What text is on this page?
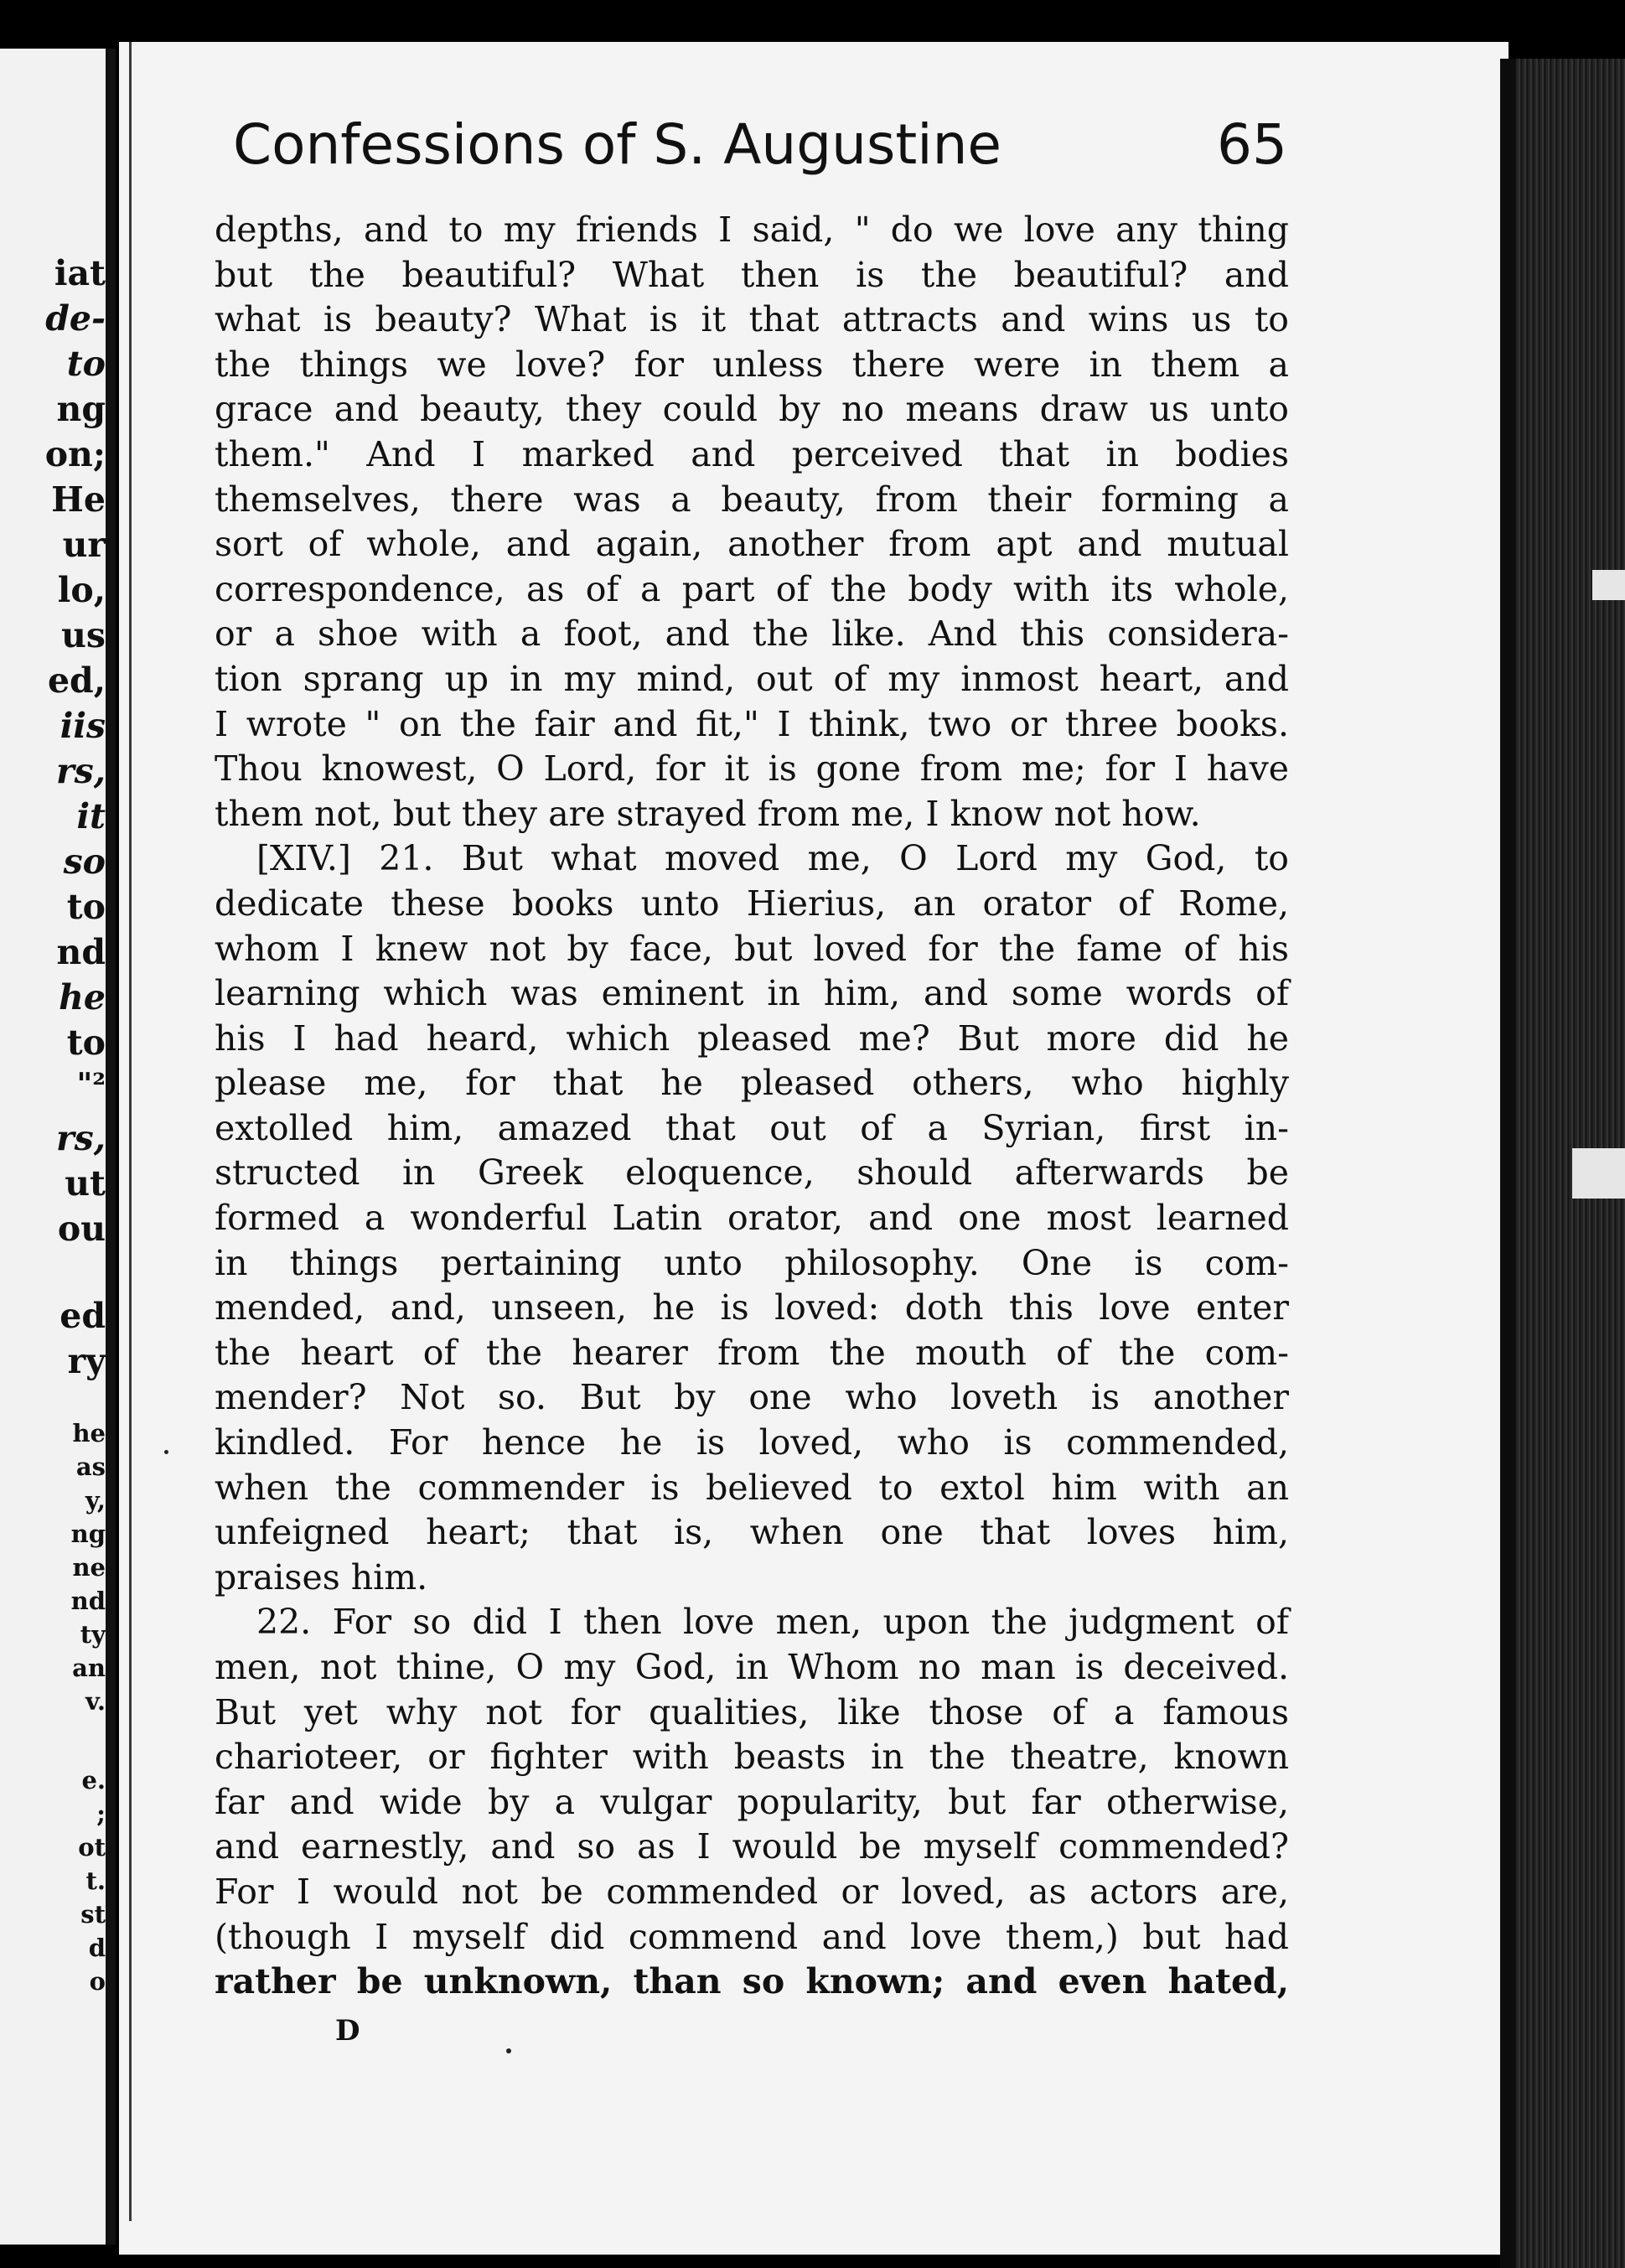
iat
de-
to
ng
on;
He
ur
lo,
us
ed,
iis
rs,
it
so
to
nd
he
to
"²
rs,
ut
ou
ed
ry
he
as
y,
ng
ne
nd
ty
an
v.
e.
;
ot
t.
st
d
o
Confessions of S. Augustine	65
depths, and to my friends I said, " do we love any thing
but the beautiful? What then is the beautiful? and
what is beauty? What is it that attracts and wins us to
the things we love? for unless there were in them a
grace and beauty, they could by no means draw us unto
them." And I marked and perceived that in bodies
themselves, there was a beauty, from their forming a
sort of whole, and again, another from apt and mutual
correspondence, as of a part of the body with its whole,
or a shoe with a foot, and the like. And this considera-
tion sprang up in my mind, out of my inmost heart, and
I wrote " on the fair and fit," I think, two or three books.
Thou knowest, O Lord, for it is gone from me; for I have
them not, but they are strayed from me, I know not how.
[XIV.] 21. But what moved me, O Lord my God, to
dedicate these books unto Hierius, an orator of Rome,
whom I knew not by face, but loved for the fame of his
learning which was eminent in him, and some words of
his I had heard, which pleased me? But more did he
please me, for that he pleased others, who highly
extolled him, amazed that out of a Syrian, first in-
structed in Greek eloquence, should afterwards be
formed a wonderful Latin orator, and one most learned
in things pertaining unto philosophy. One is com-
mended, and, unseen, he is loved: doth this love enter
the heart of the hearer from the mouth of the com-
mender? Not so. But by one who loveth is another
kindled. For hence he is loved, who is commended,
when the commender is believed to extol him with an
unfeigned heart; that is, when one that loves him,
praises him.
22. For so did I then love men, upon the judgment of
men, not thine, O my God, in Whom no man is deceived.
But yet why not for qualities, like those of a famous
charioteer, or fighter with beasts in the theatre, known
far and wide by a vulgar popularity, but far otherwise,
and earnestly, and so as I would be myself commended?
For I would not be commended or loved, as actors are,
(though I myself did commend and love them,) but had
rather be unknown, than so known; and even hated,
D
